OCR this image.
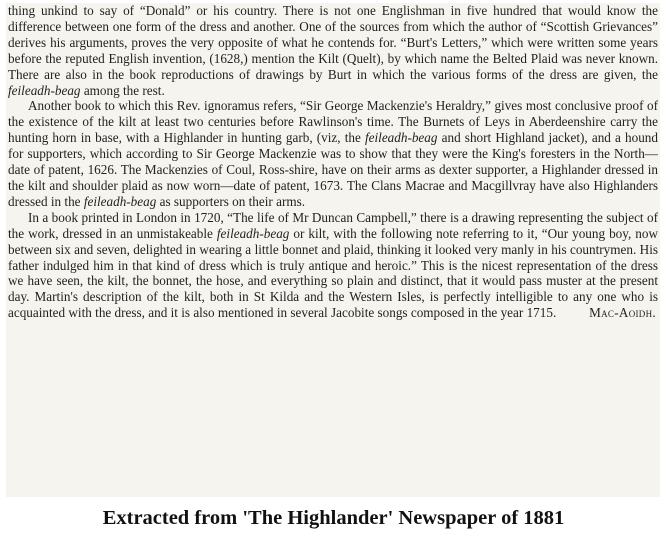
thing unkind to say of “Donald” or his country. There is not one Englishman in five hundred that would know the difference between one form of the dress and another. One of the sources from which the author of “Scottish Grievances” derives his arguments, proves the very opposite of what he contends for. “Burt's Letters,” which were written some years before the reputed English invention, (1628,) mention the Kilt (Quelt), by which name the Belted Plaid was never known. There are also in the book reproductions of drawings by Burt in which the various forms of the dress are given, the feileadh-beag among the rest.

Another book to which this Rev. ignoramus refers, “Sir George Mackenzie's Heraldry,” gives most conclusive proof of the existence of the kilt at least two centuries before Rawlinson's time. The Burnets of Leys in Aberdeenshire carry the hunting horn in base, with a Highlander in hunting garb, (viz, the feileadh-beag and short Highland jacket), and a hound for supporters, which according to Sir George Mackenzie was to show that they were the King's foresters in the North—date of patent, 1626. The Mackenzies of Coul, Ross-shire, have on their arms as dexter supporter, a Highlander dressed in the kilt and shoulder plaid as now worn—date of patent, 1673. The Clans Macrae and Macgillvray have also Highlanders dressed in the feileadh-beag as supporters on their arms.

In a book printed in London in 1720, “The life of Mr Duncan Campbell,” there is a drawing representing the subject of the work, dressed in an unmistakeable feileadh-beag or kilt, with the following note referring to it, “Our young boy, now between six and seven, delighted in wearing a little bonnet and plaid, thinking it looked very manly in his countrymen. His father indulged him in that kind of dress which is truly antique and heroic.” This is the nicest representation of the dress we have seen, the kilt, the bonnet, the hose, and everything so plain and distinct, that it would pass muster at the present day. Martin's description of the kilt, both in St Kilda and the Western Isles, is perfectly intelligible to any one who is acquainted with the dress, and it is also mentioned in several Jacobite songs composed in the year 1715.	Mac-Aoidh.

Extracted from 'The Highlander' Newspaper of 1881
